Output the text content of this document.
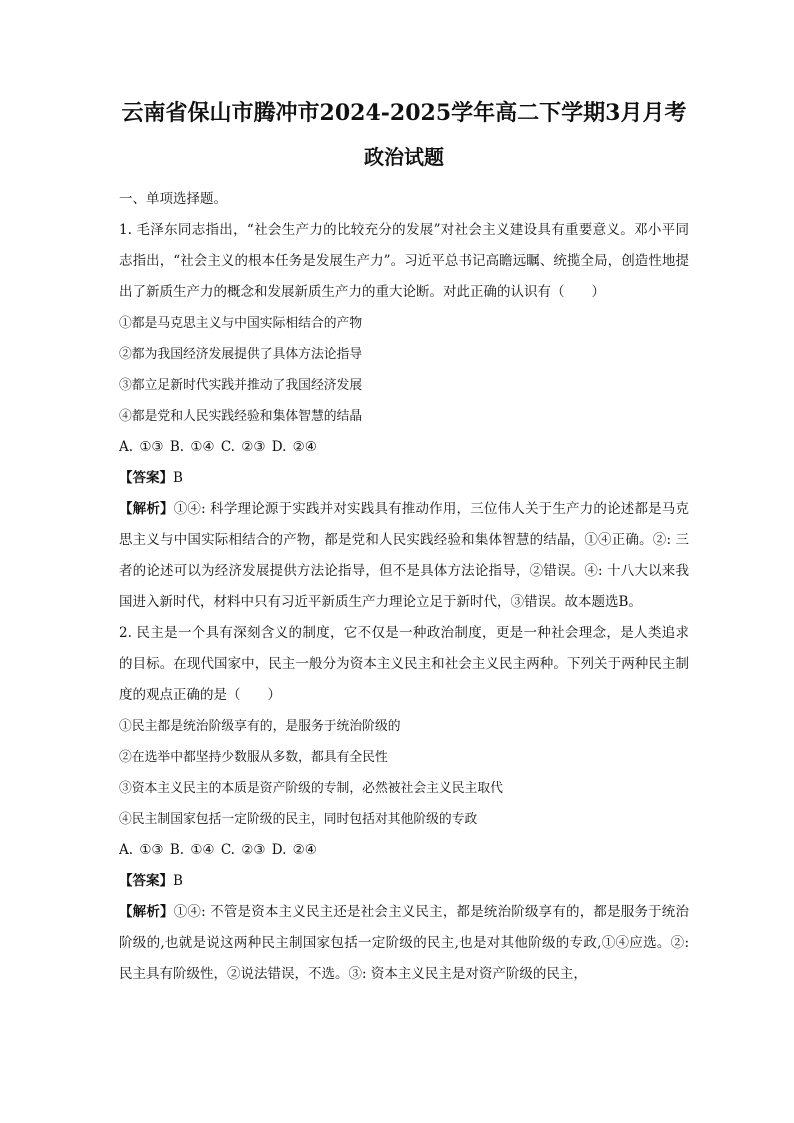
云南省保山市腾冲市2024-2025学年高二下学期3月月考
政治试题
一、单项选择题。

1. 毛泽东同志指出，“社会生产力的比较充分的发展”对社会主义建设具有重要意义。邓小平同志指出，“社会主义的根本任务是发展生产力”。习近平总书记高瞻远瞩、统揽全局，创造性地提出了新质生产力的概念和发展新质生产力的重大论断。对此正确的认识有（　　）

①都是马克思主义与中国实际相结合的产物

②都为我国经济发展提供了具体方法论指导

③都立足新时代实践并推动了我国经济发展

④都是党和人民实践经验和集体智慧的结晶

A. ①③ B. ①④ C. ②③ D. ②④

【答案】B

【解析】①④: 科学理论源于实践并对实践具有推动作用，三位伟人关于生产力的论述都是马克思主义与中国实际相结合的产物，都是党和人民实践经验和集体智慧的结晶，①④正确。②: 三者的论述可以为经济发展提供方法论指导，但不是具体方法论指导，②错误。④: 十八大以来我国进入新时代，材料中只有习近平新质生产力理论立足于新时代，③错误。故本题选B。

2. 民主是一个具有深刻含义的制度，它不仅是一种政治制度，更是一种社会理念，是人类追求的目标。在现代国家中，民主一般分为资本主义民主和社会主义民主两种。下列关于两种民主制度的观点正确的是（　　）

①民主都是统治阶级享有的，是服务于统治阶级的

②在选举中都坚持少数服从多数，都具有全民性

③资本主义民主的本质是资产阶级的专制，必然被社会主义民主取代

④民主制国家包括一定阶级的民主，同时包括对其他阶级的专政

A. ①③ B. ①④ C. ②③ D. ②④

【答案】B

【解析】①④: 不管是资本主义民主还是社会主义民主，都是统治阶级享有的，都是服务于统治阶级的,也就是说这两种民主制国家包括一定阶级的民主,也是对其他阶级的专政,①④应选。②: 民主具有阶级性，②说法错误，不选。③: 资本主义民主是对资产阶级的民主，
